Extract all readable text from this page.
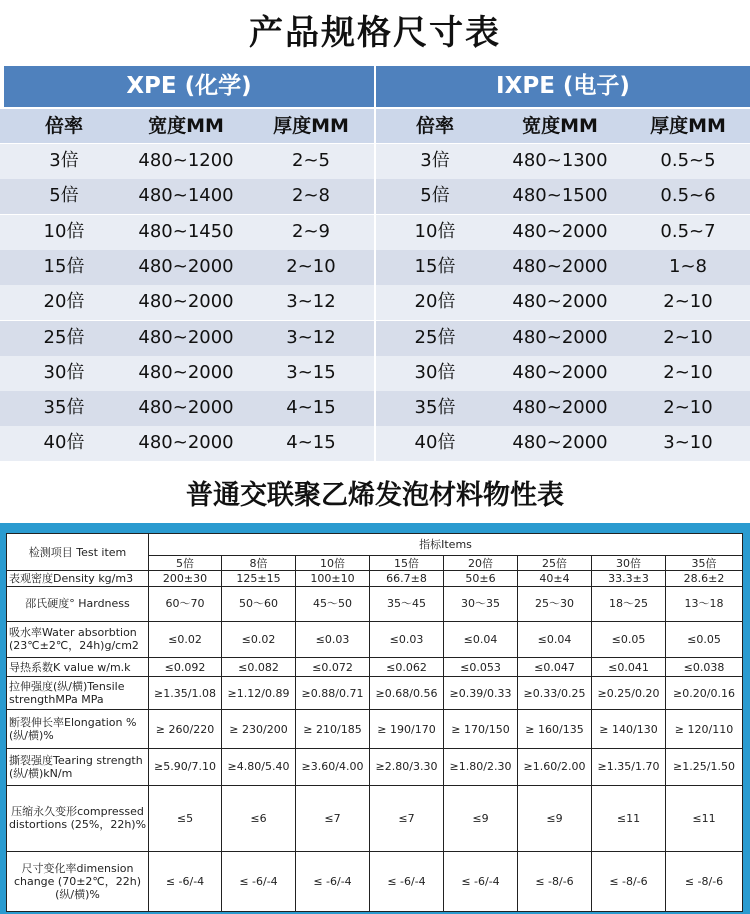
产品规格尺寸表
XPE (化学)	IXPE (电子)
倍率	宽度MM	厚度MM	倍率	宽度MM	厚度MM
3倍	480~1200	2~5	3倍	480~1300	0.5~5
5倍	480~1400	2~8	5倍	480~1500	0.5~6
10倍	480~1450	2~9	10倍	480~2000	0.5~7
15倍	480~2000	2~10	15倍	480~2000	1~8
20倍	480~2000	3~12	20倍	480~2000	2~10
25倍	480~2000	3~12	25倍	480~2000	2~10
30倍	480~2000	3~15	30倍	480~2000	2~10
35倍	480~2000	4~15	35倍	480~2000	2~10
40倍	480~2000	4~15	40倍	480~2000	3~10
普通交联聚乙烯发泡材料物性表
检测项目 Test item	指标Items							
	5倍	8倍	10倍	15倍	20倍	25倍	30倍	35倍
表观密度Density kg/m3	200±30	125±15	100±10	66.7±8	50±6	40±4	33.3±3	28.6±2
邵氏硬度° Hardness	60～70	50～60	45～50	35～45	30～35	25～30	18～25	13～18
吸水率Water absorbtion (23℃±2℃，24h)g/cm2	≤0.02	≤0.02	≤0.03	≤0.03	≤0.04	≤0.04	≤0.05	≤0.05
导热系数K value w/m.k	≤0.092	≤0.082	≤0.072	≤0.062	≤0.053	≤0.047	≤0.041	≤0.038
拉伸强度(纵/横)Tensile strengthMPa MPa	≥1.35/1.08	≥1.12/0.89	≥0.88/0.71	≥0.68/0.56	≥0.39/0.33	≥0.33/0.25	≥0.25/0.20	≥0.20/0.16
断裂伸长率Elongation % (纵/横)%	≥ 260/220	≥ 230/200	≥ 210/185	≥ 190/170	≥ 170/150	≥ 160/135	≥ 140/130	≥ 120/110
撕裂强度Tearing strength (纵/横)kN/m	≥5.90/7.10	≥4.80/5.40	≥3.60/4.00	≥2.80/3.30	≥1.80/2.30	≥1.60/2.00	≥1.35/1.70	≥1.25/1.50
压缩永久变形compressed distortions (25%，22h)%	≤5	≤6	≤7	≤7	≤9	≤9	≤11	≤11
尺寸变化率dimension change (70±2℃，22h) (纵/横)%	≤ -6/-4	≤ -6/-4	≤ -6/-4	≤ -6/-4	≤ -6/-4	≤ -8/-6	≤ -8/-6	≤ -8/-6
